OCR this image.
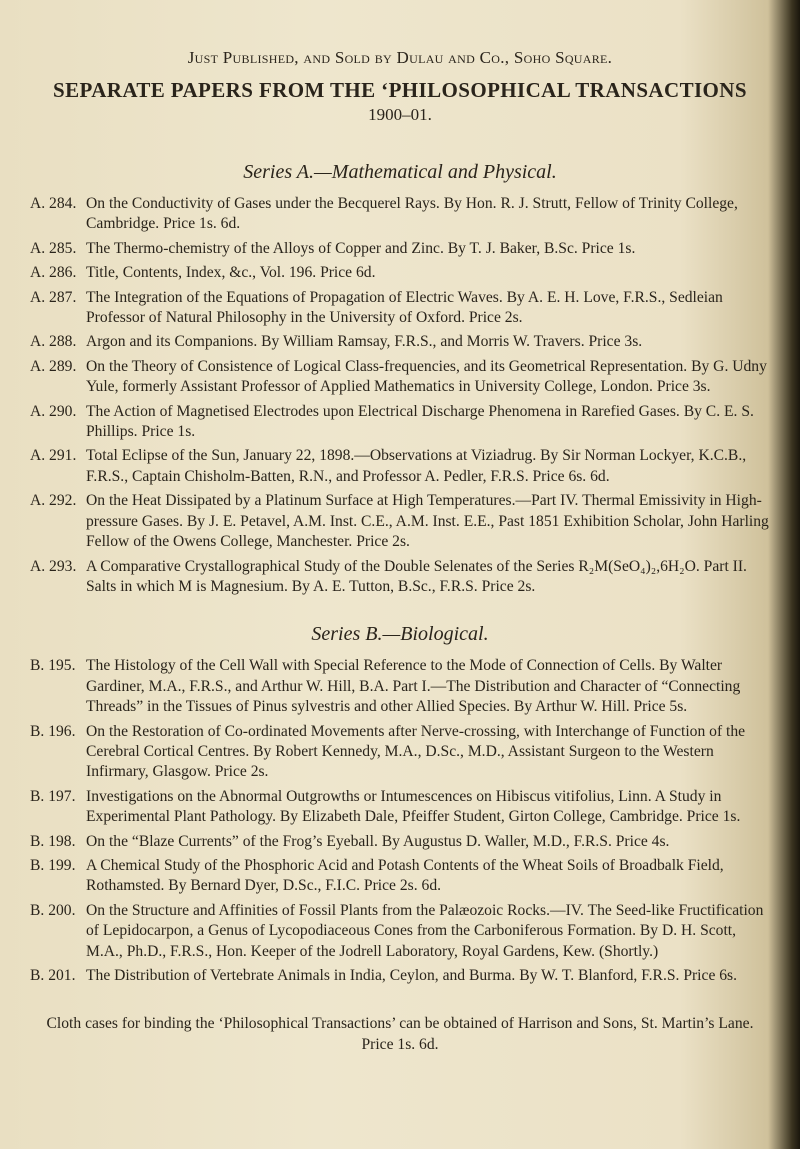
Just Published, and Sold by Dulau and Co., Soho Square.

SEPARATE PAPERS FROM THE ‘PHILOSOPHICAL TRANSACTIONS

1900–01.

Series A.—Mathematical and Physical.

A. 284. On the Conductivity of Gases under the Becquerel Rays. By Hon. R. J. Strutt, Fellow of Trinity College, Cambridge. Price 1s. 6d.
A. 285. The Thermo-chemistry of the Alloys of Copper and Zinc. By T. J. Baker, B.Sc. Price 1s.
A. 286. Title, Contents, Index, &c., Vol. 196. Price 6d.
A. 287. The Integration of the Equations of Propagation of Electric Waves. By A. E. H. Love, F.R.S., Sedleian Professor of Natural Philosophy in the University of Oxford. Price 2s.
A. 288. Argon and its Companions. By William Ramsay, F.R.S., and Morris W. Travers. Price 3s.
A. 289. On the Theory of Consistence of Logical Class-frequencies, and its Geometrical Representation. By G. Udny Yule, formerly Assistant Professor of Applied Mathematics in University College, London. Price 3s.
A. 290. The Action of Magnetised Electrodes upon Electrical Discharge Phenomena in Rarefied Gases. By C. E. S. Phillips. Price 1s.
A. 291. Total Eclipse of the Sun, January 22, 1898.—Observations at Viziadrug. By Sir Norman Lockyer, K.C.B., F.R.S., Captain Chisholm-Batten, R.N., and Professor A. Pedler, F.R.S. Price 6s. 6d.
A. 292. On the Heat Dissipated by a Platinum Surface at High Temperatures.—Part IV. Thermal Emissivity in High-pressure Gases. By J. E. Petavel, A.M. Inst. C.E., A.M. Inst. E.E., Past 1851 Exhibition Scholar, John Harling Fellow of the Owens College, Manchester. Price 2s.
A. 293. A Comparative Crystallographical Study of the Double Selenates of the Series R₂M(SeO₄)₂,6H₂O. Part II. Salts in which M is Magnesium. By A. E. Tutton, B.Sc., F.R.S. Price 2s.

Series B.—Biological.

B. 195. The Histology of the Cell Wall with Special Reference to the Mode of Connection of Cells. By Walter Gardiner, M.A., F.R.S., and Arthur W. Hill, B.A. Part I.—The Distribution and Character of “Connecting Threads” in the Tissues of Pinus sylvestris and other Allied Species. By Arthur W. Hill. Price 5s.
B. 196. On the Restoration of Co-ordinated Movements after Nerve-crossing, with Interchange of Function of the Cerebral Cortical Centres. By Robert Kennedy, M.A., D.Sc., M.D., Assistant Surgeon to the Western Infirmary, Glasgow. Price 2s.
B. 197. Investigations on the Abnormal Outgrowths or Intumescences on Hibiscus vitifolius, Linn. A Study in Experimental Plant Pathology. By Elizabeth Dale, Pfeiffer Student, Girton College, Cambridge. Price 1s.
B. 198. On the “Blaze Currents” of the Frog’s Eyeball. By Augustus D. Waller, M.D., F.R.S. Price 4s.
B. 199. A Chemical Study of the Phosphoric Acid and Potash Contents of the Wheat Soils of Broadbalk Field, Rothamsted. By Bernard Dyer, D.Sc., F.I.C. Price 2s. 6d.
B. 200. On the Structure and Affinities of Fossil Plants from the Palæozoic Rocks.—IV. The Seed-like Fructification of Lepidocarpon, a Genus of Lycopodiaceous Cones from the Carboniferous Formation. By D. H. Scott, M.A., Ph.D., F.R.S., Hon. Keeper of the Jodrell Laboratory, Royal Gardens, Kew. (Shortly.)
B. 201. The Distribution of Vertebrate Animals in India, Ceylon, and Burma. By W. T. Blanford, F.R.S. Price 6s.

Cloth cases for binding the ‘Philosophical Transactions’ can be obtained of Harrison and Sons, St. Martin’s Lane. Price 1s. 6d.
